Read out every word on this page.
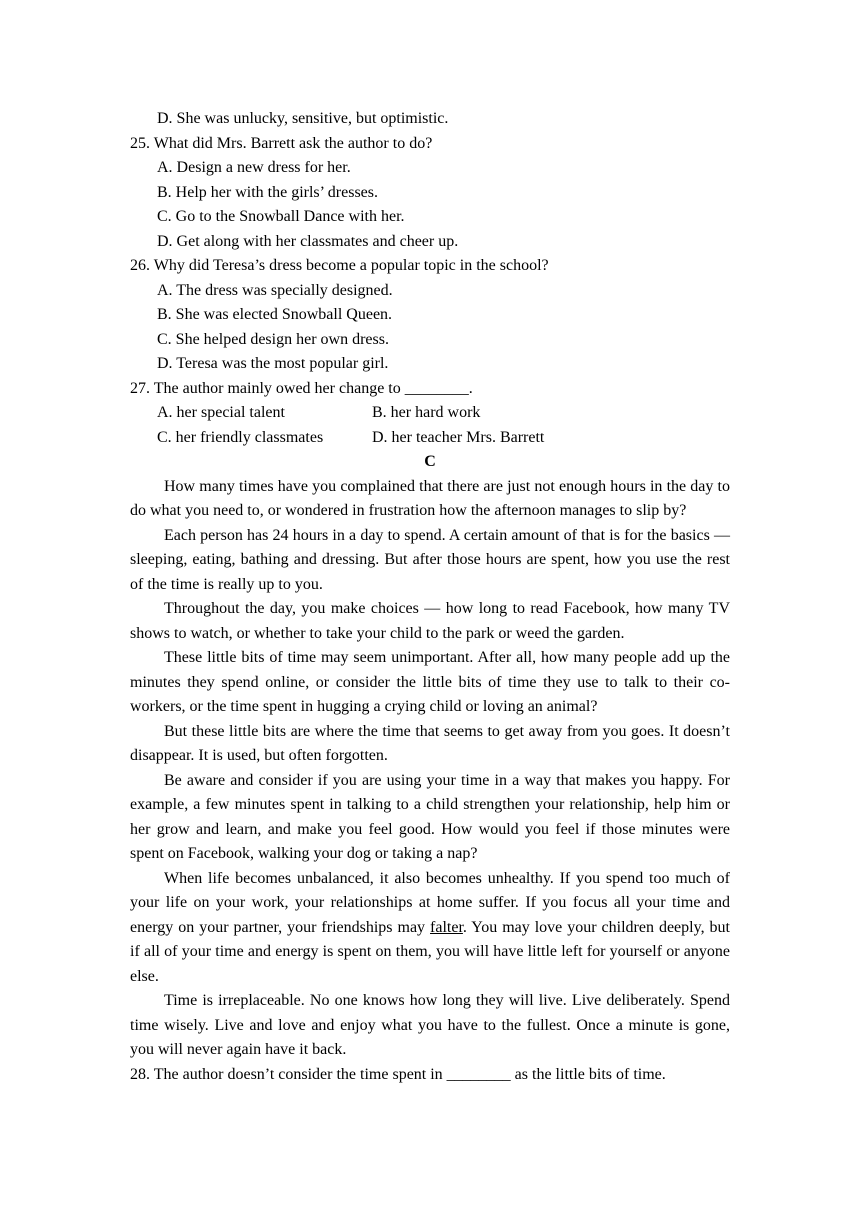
D. She was unlucky, sensitive, but optimistic.
25. What did Mrs. Barrett ask the author to do?
A. Design a new dress for her.
B. Help her with the girls’ dresses.
C. Go to the Snowball Dance with her.
D. Get along with her classmates and cheer up.
26. Why did Teresa’s dress become a popular topic in the school?
A. The dress was specially designed.
B. She was elected Snowball Queen.
C. She helped design her own dress.
D. Teresa was the most popular girl.
27. The author mainly owed her change to ________.
A. her special talent	B. her hard work
C. her friendly classmates	D. her teacher Mrs. Barrett
C

How many times have you complained that there are just not enough hours in the day to do what you need to, or wondered in frustration how the afternoon manages to slip by?

Each person has 24 hours in a day to spend. A certain amount of that is for the basics — sleeping, eating, bathing and dressing. But after those hours are spent, how you use the rest of the time is really up to you.

Throughout the day, you make choices — how long to read Facebook, how many TV shows to watch, or whether to take your child to the park or weed the garden.

These little bits of time may seem unimportant. After all, how many people add up the minutes they spend online, or consider the little bits of time they use to talk to their co-workers, or the time spent in hugging a crying child or loving an animal?

But these little bits are where the time that seems to get away from you goes. It doesn’t disappear. It is used, but often forgotten.

Be aware and consider if you are using your time in a way that makes you happy. For example, a few minutes spent in talking to a child strengthen your relationship, help him or her grow and learn, and make you feel good. How would you feel if those minutes were spent on Facebook, walking your dog or taking a nap?

When life becomes unbalanced, it also becomes unhealthy. If you spend too much of your life on your work, your relationships at home suffer. If you focus all your time and energy on your partner, your friendships may falter. You may love your children deeply, but if all of your time and energy is spent on them, you will have little left for yourself or anyone else.

Time is irreplaceable. No one knows how long they will live. Live deliberately. Spend time wisely. Live and love and enjoy what you have to the fullest. Once a minute is gone, you will never again have it back.

28. The author doesn’t consider the time spent in ________ as the little bits of time.
